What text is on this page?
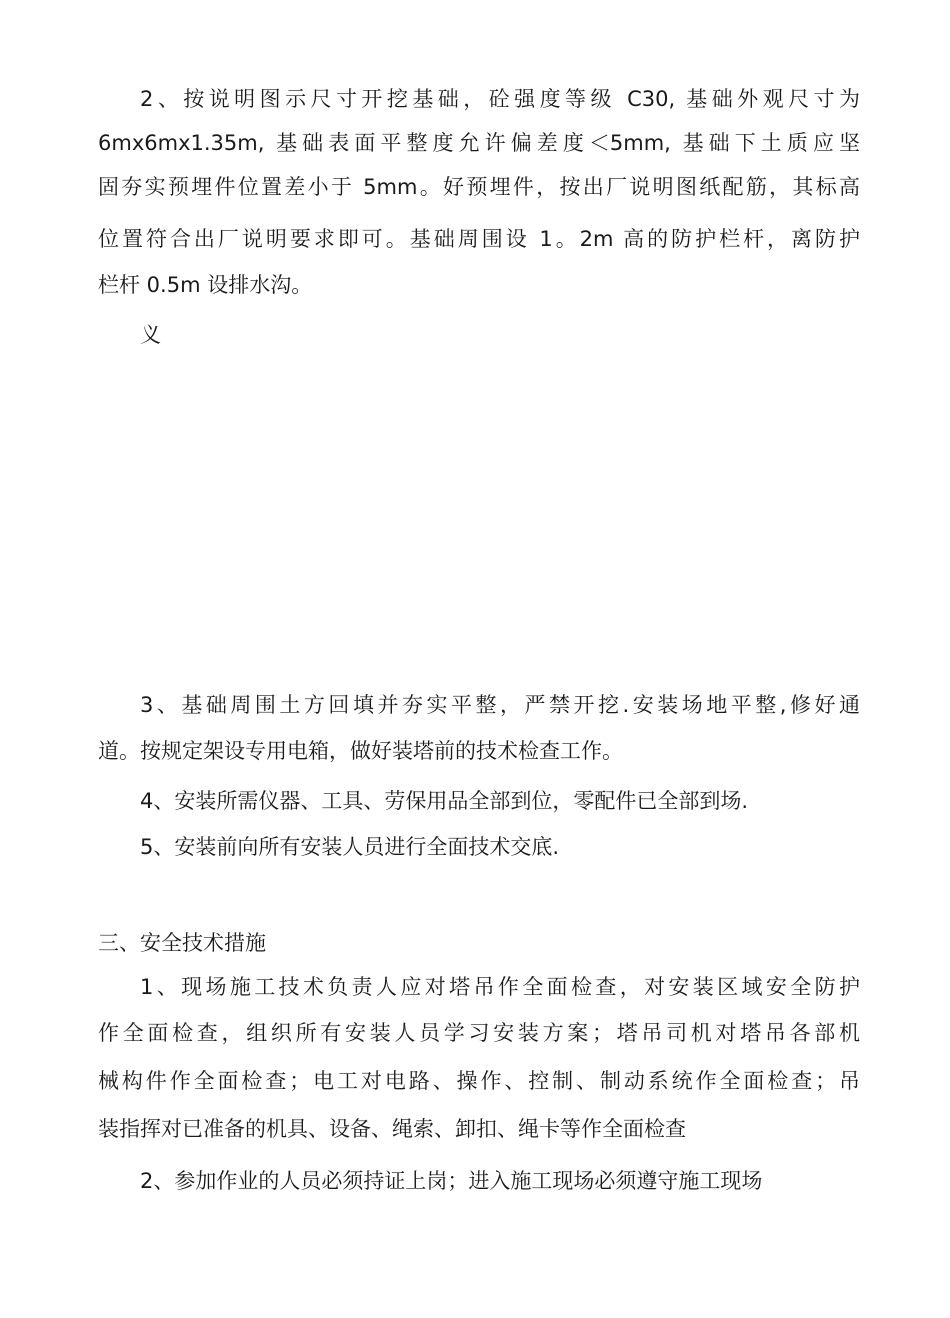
2、按说明图示尺寸开挖基础，砼强度等级 C30, 基础外观尺寸为

6mx6mx1.35m, 基础表面平整度允许偏差度＜5mm, 基础下土质应坚

固夯实预埋件位置差小于 5mm。好预埋件，按出厂说明图纸配筋，其标高

位置符合出厂说明要求即可。基础周围设 1。2m 高的防护栏杆，离防护

栏杆 0.5m 设排水沟。

义

3、基础周围土方回填并夯实平整，严禁开挖.安装场地平整,修好通

道。按规定架设专用电箱，做好装塔前的技术检查工作。

4、安装所需仪器、工具、劳保用品全部到位，零配件已全部到场.

5、安装前向所有安装人员进行全面技术交底.

三、安全技术措施

1、现场施工技术负责人应对塔吊作全面检查，对安装区域安全防护

作全面检查，组织所有安装人员学习安装方案；塔吊司机对塔吊各部机

械构件作全面检查；电工对电路、操作、控制、制动系统作全面检查；吊

装指挥对已准备的机具、设备、绳索、卸扣、绳卡等作全面检查

2、参加作业的人员必须持证上岗；进入施工现场必须遵守施工现场
